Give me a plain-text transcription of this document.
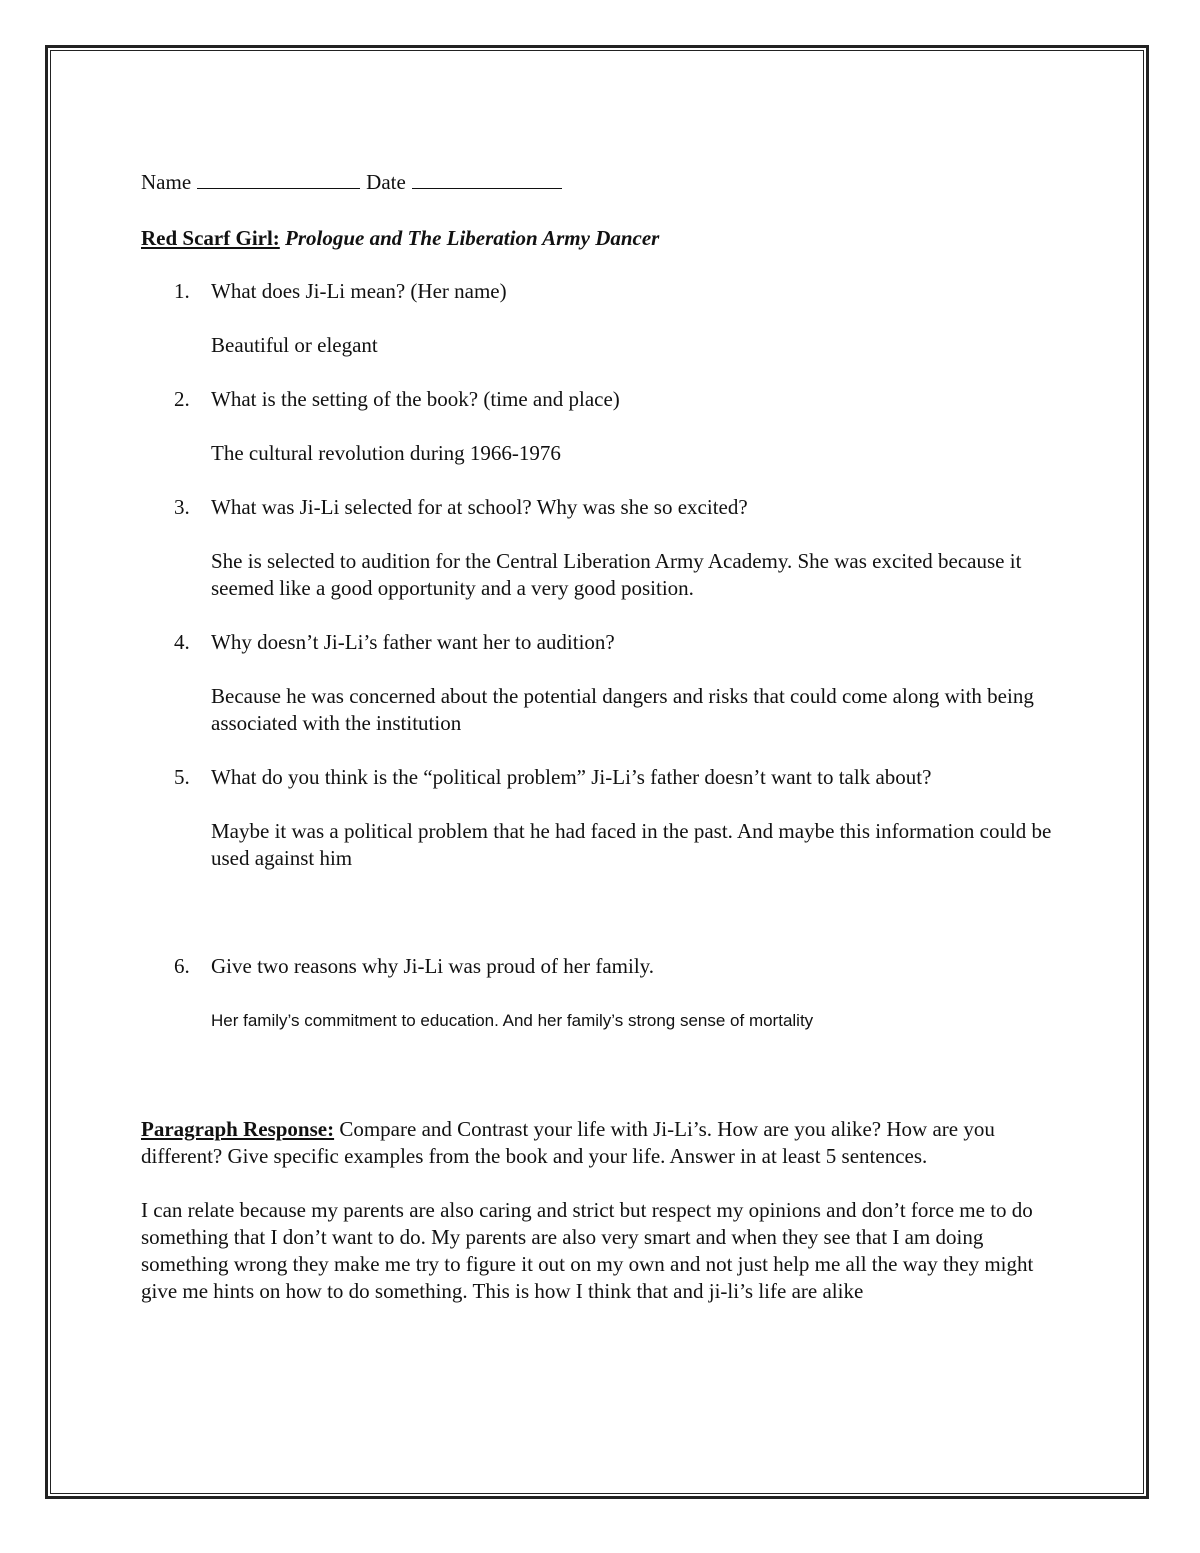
Name	Date

Red Scarf Girl: Prologue and The Liberation Army Dancer

1. What does Ji-Li mean? (Her name)

Beautiful or elegant

2. What is the setting of the book? (time and place)

The cultural revolution during 1966-1976

3. What was Ji-Li selected for at school? Why was she so excited?

She is selected to audition for the Central Liberation Army Academy. She was excited because it seemed like a good opportunity and a very good position.

4. Why doesn’t Ji-Li’s father want her to audition?

Because he was concerned about the potential dangers and risks that could come along with being associated with the institution

5. What do you think is the “political problem” Ji-Li’s father doesn’t want to talk about?

Maybe it was a political problem that he had faced in the past. And maybe this information could be used against him

6. Give two reasons why Ji-Li was proud of her family.

Her family’s commitment to education. And her family’s strong sense of mortality

Paragraph Response: Compare and Contrast your life with Ji-Li’s. How are you alike? How are you different? Give specific examples from the book and your life. Answer in at least 5 sentences.

I can relate because my parents are also caring and strict but respect my opinions and don’t force me to do something that I don’t want to do. My parents are also very smart and when they see that I am doing something wrong they make me try to figure it out on my own and not just help me all the way they might give me hints on how to do something. This is how I think that and ji-li’s life are alike
